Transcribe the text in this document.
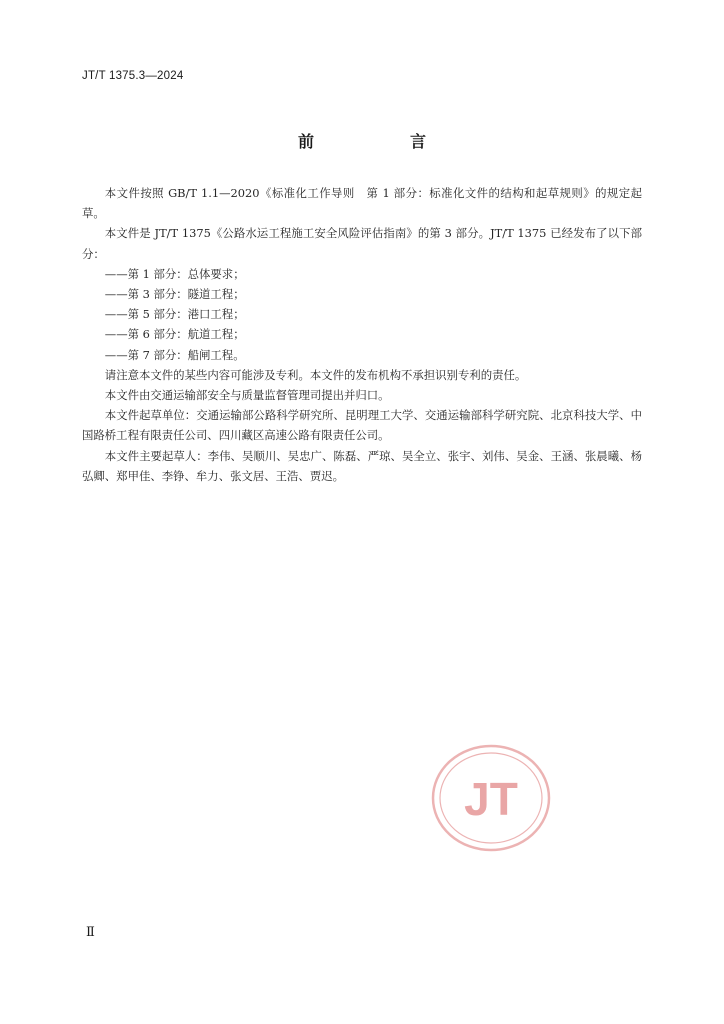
JT/T 1375.3—2024
前　言

本文件按照 GB/T 1.1—2020《标准化工作导则　第 1 部分：标准化文件的结构和起草规则》的规定起草。

本文件是 JT/T 1375《公路水运工程施工安全风险评估指南》的第 3 部分。JT/T 1375 已经发布了以下部分：

——第 1 部分：总体要求；

——第 3 部分：隧道工程；

——第 5 部分：港口工程；

——第 6 部分：航道工程；

——第 7 部分：船闸工程。

请注意本文件的某些内容可能涉及专利。本文件的发布机构不承担识别专利的责任。

本文件由交通运输部安全与质量监督管理司提出并归口。

本文件起草单位：交通运输部公路科学研究所、昆明理工大学、交通运输部科学研究院、北京科技大学、中国路桥工程有限责任公司、四川藏区高速公路有限责任公司。

本文件主要起草人：李伟、吴顺川、吴忠广、陈磊、严琼、吴全立、张宇、刘伟、吴金、王涵、张晨曦、杨弘卿、郑甲佳、李铮、牟力、张文居、王浩、贾迟。

JT
Ⅱ
